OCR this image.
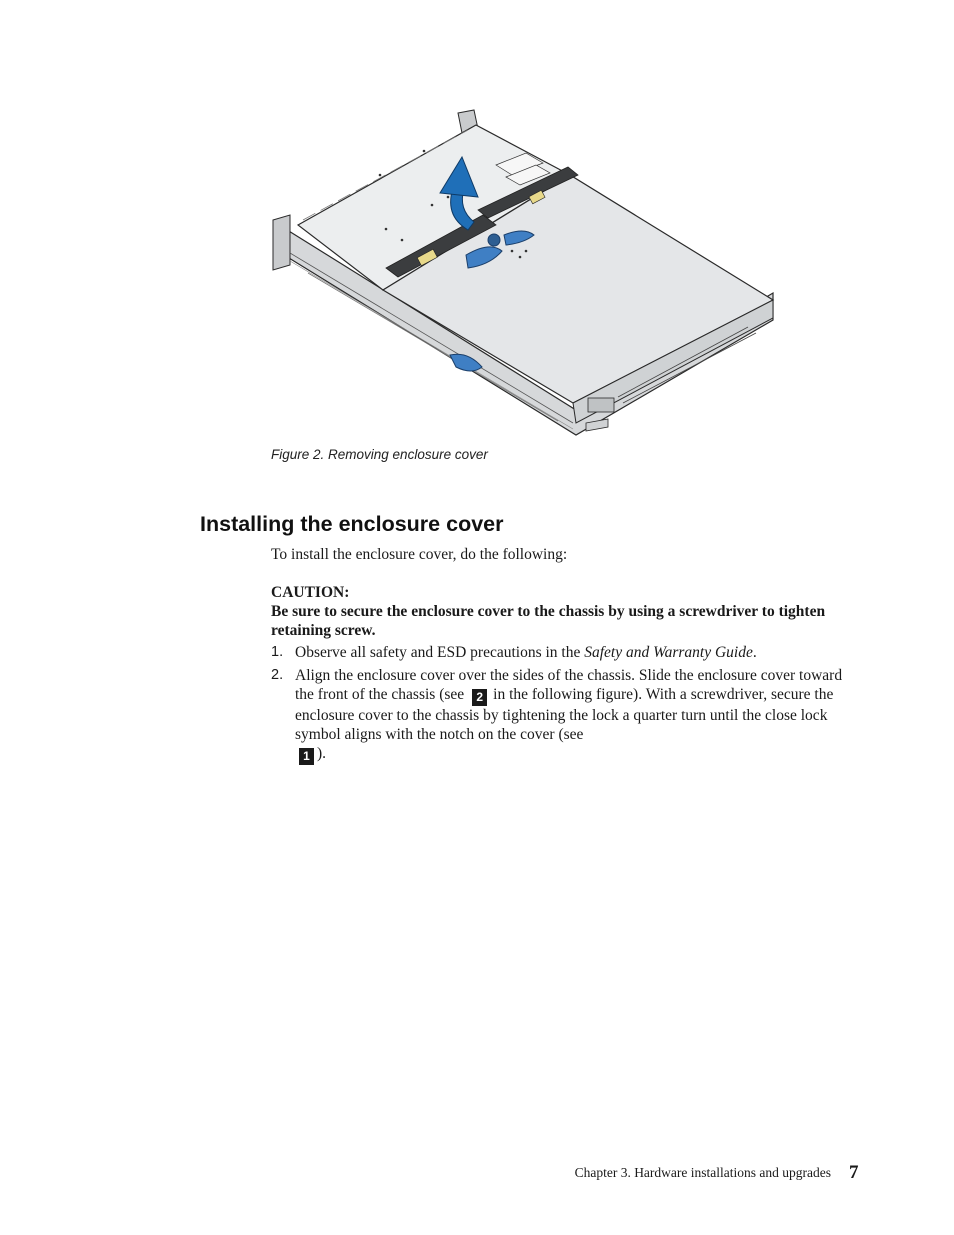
Figure 2. Removing enclosure cover
Installing the enclosure cover
To install the enclosure cover, do the following:
CAUTION:
Be sure to secure the enclosure cover to the chassis by using a screwdriver to tighten retaining screw.
1. Observe all safety and ESD precautions in the Safety and Warranty Guide.
2. Align the enclosure cover over the sides of the chassis. Slide the enclosure cover toward the front of the chassis (see 2 in the following figure). With a screwdriver, secure the enclosure cover to the chassis by tightening the lock a quarter turn until the close lock symbol aligns with the notch on the cover (see
1 ).
Chapter 3. Hardware installations and upgrades 7
